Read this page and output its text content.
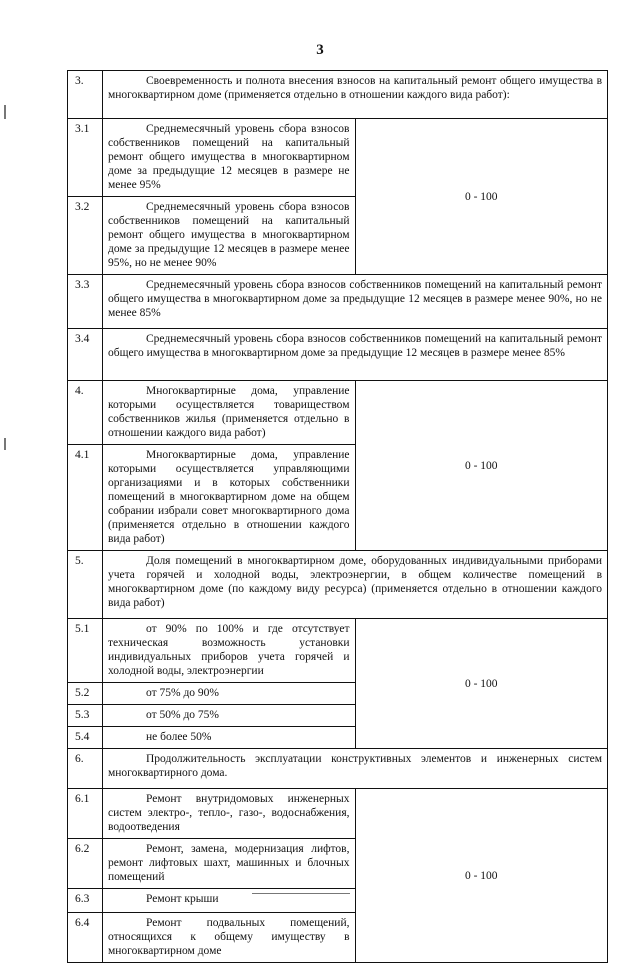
3
3.	Своевременность и полнота внесения взносов на капитальный ремонт общего имущества в многоквартирном доме (применяется отдельно в отношении каждого вида работ):	
3.1	Среднемесячный уровень сбора взносов собственников помещений на капитальный ремонт общего имущества в многоквартирном доме за предыдущие 12 месяцев в размере не менее 95%	0 - 100
3.2	Среднемесячный уровень сбора взносов собственников помещений на капитальный ремонт общего имущества в многоквартирном доме за предыдущие 12 месяцев в размере менее 95%, но не менее 90%	
3.3	Среднемесячный уровень сбора взносов собственников помещений на капитальный ремонт общего имущества в многоквартирном доме за предыдущие 12 месяцев в размере менее 90%, но не менее 85%	
3.4	Среднемесячный уровень сбора взносов собственников помещений на капитальный ремонт общего имущества в многоквартирном доме за предыдущие 12 месяцев в размере менее 85%	
4.	Многоквартирные дома, управление которыми осуществляется товариществом собственников жилья (применяется отдельно в отношении каждого вида работ)	0 - 100
4.1	Многоквартирные дома, управление которыми осуществляется управляющими организациями и в которых собственники помещений в многоквартирном доме на общем собрании избрали совет многоквартирного дома (применяется отдельно в отношении каждого вида работ)	
5.	Доля помещений в многоквартирном доме, оборудованных индивидуальными приборами учета горячей и холодной воды, электроэнергии, в общем количестве помещений в многоквартирном доме (по каждому виду ресурса) (применяется отдельно в отношении каждого вида работ)	
5.1	от 90% по 100% и где отсутствует техническая возможность установки индивидуальных приборов учета горячей и холодной воды, электроэнергии	0 - 100
5.2	от 75% до 90%	
5.3	от 50% до 75%	
5.4	не более 50%	
6.	Продолжительность эксплуатации конструктивных элементов и инженерных систем многоквартирного дома.	
6.1	Ремонт внутридомовых инженерных систем электро-, тепло-, газо-, водоснабжения, водоотведения	0 - 100
6.2	Ремонт, замена, модернизация лифтов, ремонт лифтовых шахт, машинных и блочных помещений	
6.3	Ремонт крыши	
6.4	Ремонт подвальных помещений, относящихся к общему имуществу в многоквартирном доме	
